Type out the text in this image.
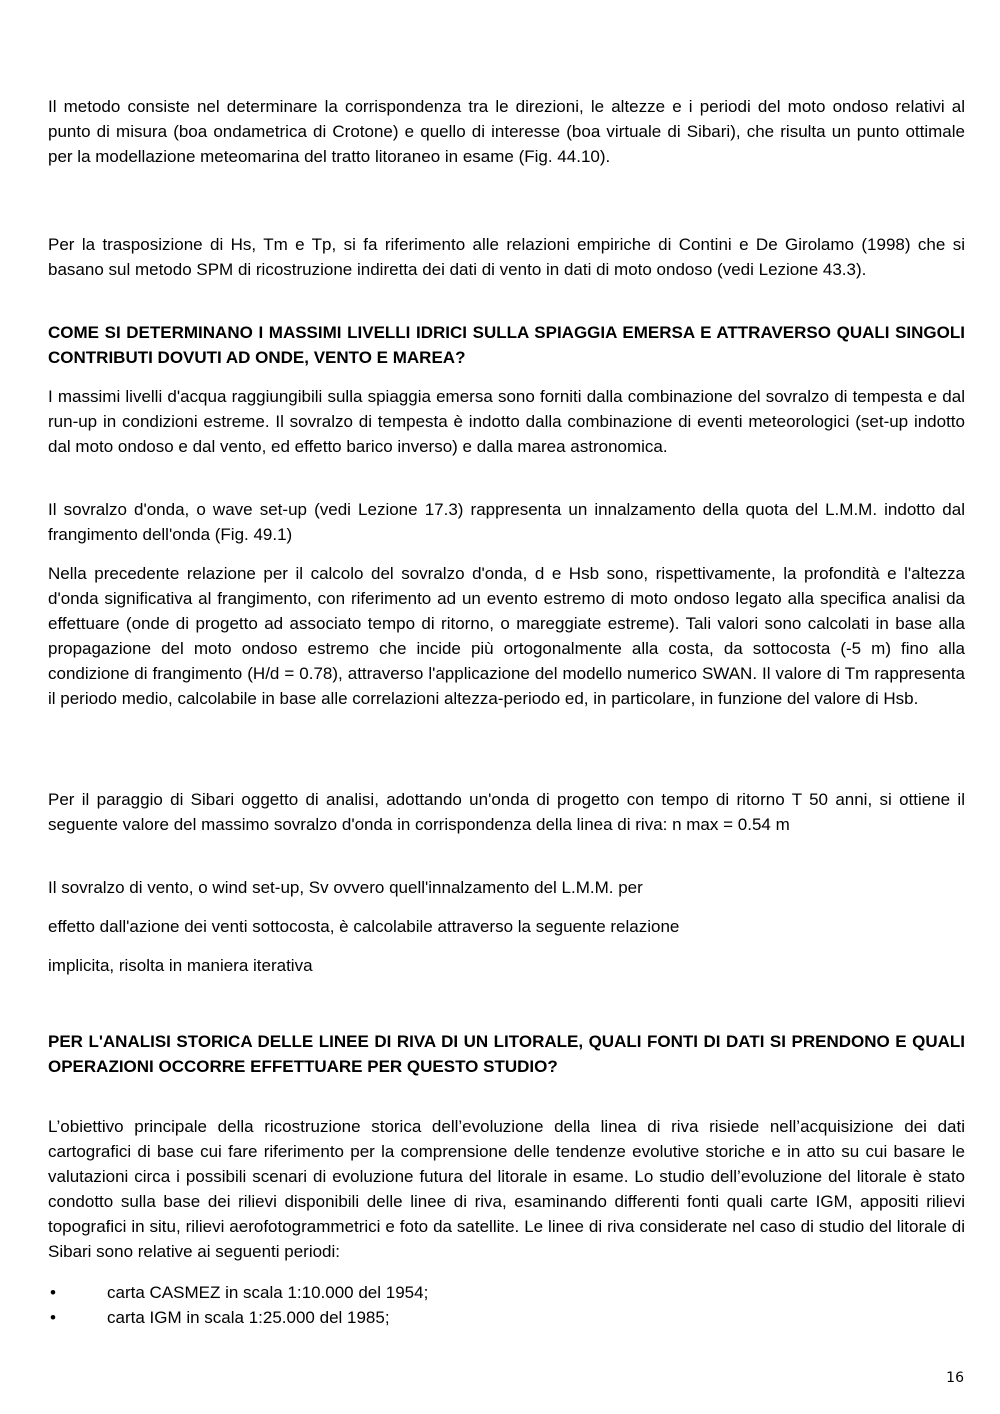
Il metodo consiste nel determinare la corrispondenza tra le direzioni, le altezze e i periodi del moto ondoso relativi al punto di misura (boa ondametrica di Crotone) e quello di interesse (boa virtuale di Sibari), che risulta un punto ottimale per la modellazione meteomarina del tratto litoraneo in esame (Fig. 44.10).

Per la trasposizione di Hs, Tm e Tp, si fa riferimento alle relazioni empiriche di Contini e De Girolamo (1998) che si basano sul metodo SPM di ricostruzione indiretta dei dati di vento in dati di moto ondoso (vedi Lezione 43.3).

COME SI DETERMINANO I MASSIMI LIVELLI IDRICI SULLA SPIAGGIA EMERSA E ATTRAVERSO QUALI SINGOLI CONTRIBUTI DOVUTI AD ONDE, VENTO E MAREA?

I massimi livelli d'acqua raggiungibili sulla spiaggia emersa sono forniti dalla combinazione del sovralzo di tempesta e dal run-up in condizioni estreme. Il sovralzo di tempesta è indotto dalla combinazione di eventi meteorologici (set-up indotto dal moto ondoso e dal vento, ed effetto barico inverso) e dalla marea astronomica.

Il sovralzo d'onda, o wave set-up (vedi Lezione 17.3) rappresenta un innalzamento della quota del L.M.M. indotto dal frangimento dell'onda (Fig. 49.1)

Nella precedente relazione per il calcolo del sovralzo d'onda, d e Hsb sono, rispettivamente, la profondità e l'altezza d'onda significativa al frangimento, con riferimento ad un evento estremo di moto ondoso legato alla specifica analisi da effettuare (onde di progetto ad associato tempo di ritorno, o mareggiate estreme). Tali valori sono calcolati in base alla propagazione del moto ondoso estremo che incide più ortogonalmente alla costa, da sottocosta (-5 m) fino alla condizione di frangimento (H/d = 0.78), attraverso l'applicazione del modello numerico SWAN. Il valore di Tm rappresenta il periodo medio, calcolabile in base alle correlazioni altezza-periodo ed, in particolare, in funzione del valore di Hsb.

Per il paraggio di Sibari oggetto di analisi, adottando un'onda di progetto con tempo di ritorno T 50 anni, si ottiene il seguente valore del massimo sovralzo d'onda in corrispondenza della linea di riva: n max = 0.54 m

Il sovralzo di vento, o wind set-up, Sv ovvero quell'innalzamento del L.M.M. per

effetto dall'azione dei venti sottocosta, è calcolabile attraverso la seguente relazione

implicita, risolta in maniera iterativa

PER L'ANALISI STORICA DELLE LINEE DI RIVA DI UN LITORALE, QUALI FONTI DI DATI SI PRENDONO E QUALI OPERAZIONI OCCORRE EFFETTUARE PER QUESTO STUDIO?

L’obiettivo principale della ricostruzione storica dell’evoluzione della linea di riva risiede nell’acquisizione dei dati cartografici di base cui fare riferimento per la comprensione delle tendenze evolutive storiche e in atto su cui basare le valutazioni circa i possibili scenari di evoluzione futura del litorale in esame. Lo studio dell’evoluzione del litorale è stato condotto sulla base dei rilievi disponibili delle linee di riva, esaminando differenti fonti quali carte IGM, appositi rilievi topografici in situ, rilievi aerofotogrammetrici e foto da satellite. Le linee di riva considerate nel caso di studio del litorale di Sibari sono relative ai seguenti periodi:

•	carta CASMEZ in scala 1:10.000 del 1954;
•	carta IGM in scala 1:25.000 del 1985;
16
